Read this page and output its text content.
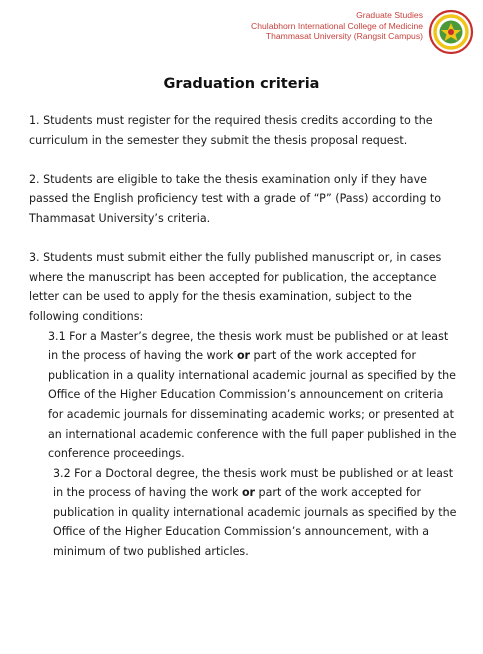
Graduate Studies
Chulabhorn International College of Medicine
Thammasat University (Rangsit Campus)
Graduation criteria

1. Students must register for the required thesis credits according to the curriculum in the semester they submit the thesis proposal request.

2. Students are eligible to take the thesis examination only if they have passed the English proficiency test with a grade of “P” (Pass) according to Thammasat University’s criteria.

3. Students must submit either the fully published manuscript or, in cases where the manuscript has been accepted for publication, the acceptance letter can be used to apply for the thesis examination, subject to the following conditions:

3.1 For a Master’s degree, the thesis work must be published or at least in the process of having the work or part of the work accepted for publication in a quality international academic journal as specified by the Office of the Higher Education Commission’s announcement on criteria for academic journals for disseminating academic works; or presented at an international academic conference with the full paper published in the conference proceedings.

3.2 For a Doctoral degree, the thesis work must be published or at least in the process of having the work or part of the work accepted for publication in quality international academic journals as specified by the Office of the Higher Education Commission’s announcement, with a minimum of two published articles.
